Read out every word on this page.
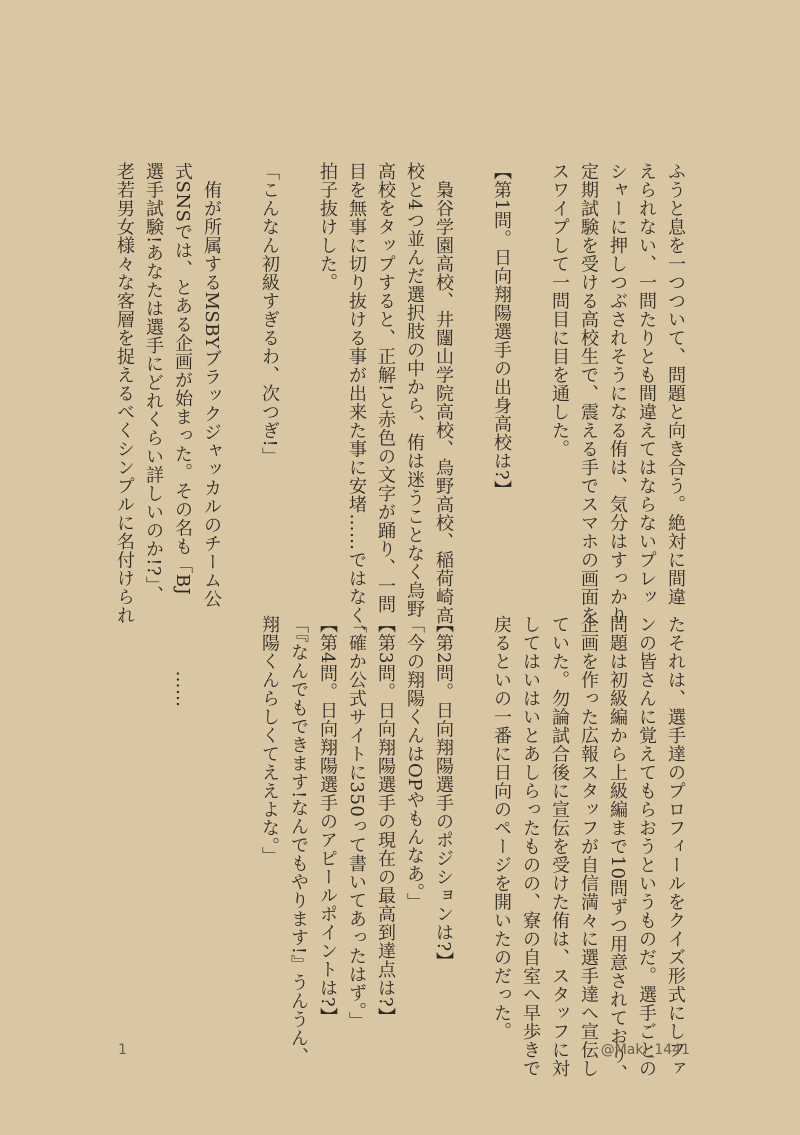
ふうと息を一つついて、問題と向き合う。絶対に間違
えられない、一問たりとも間違えてはならないプレッ
シャーに押しつぶされそうになる侑は、気分はすっかり
定期試験を受ける高校生で、震える手でスマホの画面を
スワイプして一問目に目を通した。

【第1問。日向翔陽選手の出身高校は?】

　梟谷学園高校、井闥山学院高校、烏野高校、稲荷崎高
校と4つ並んだ選択肢の中から、侑は迷うことなく烏野
高校をタップすると、正解!と赤色の文字が踊り、一問
目を無事に切り抜ける事が出来た事に安堵……ではなく、
拍子抜けした。

「こんなん初級すぎるわ、次つぎ!」

　侑が所属するMSBYブラックジャッカルのチーム公
式SNSでは、とある企画が始まった。その名も「BJ
選手試験!あなたは選手にどれくらい詳しいのか!?」、
老若男女様々な客層を捉えるべくシンプルに名付けられ
たそれは、選手達のプロフィールをクイズ形式にしファ
ンの皆さんに覚えてもらおうというものだ。選手ごとの
問題は初級編から上級編まで10問ずつ用意されており、
企画を作った広報スタッフが自信満々に選手達へ宣伝し
ていた。勿論試合後に宣伝を受けた侑は、スタッフに対
してはいはいとあしらったものの、寮の自室へ早歩きで
戻るといの一番に日向のページを開いたのだった。

【第2問。日向翔陽選手のポジションは?】
「今の翔陽くんはOPやもんなあ。」
【第3問。日向翔陽選手の現在の最高到達点は?】
「確か公式サイトに350って書いてあったはず。」
【第4問。日向翔陽選手のアピールポイントは?】
「『なんでもできます!なんでもやります!』うんうん、
翔陽くんらしくてええよな。」

　　　……
1	@Maki_1441
